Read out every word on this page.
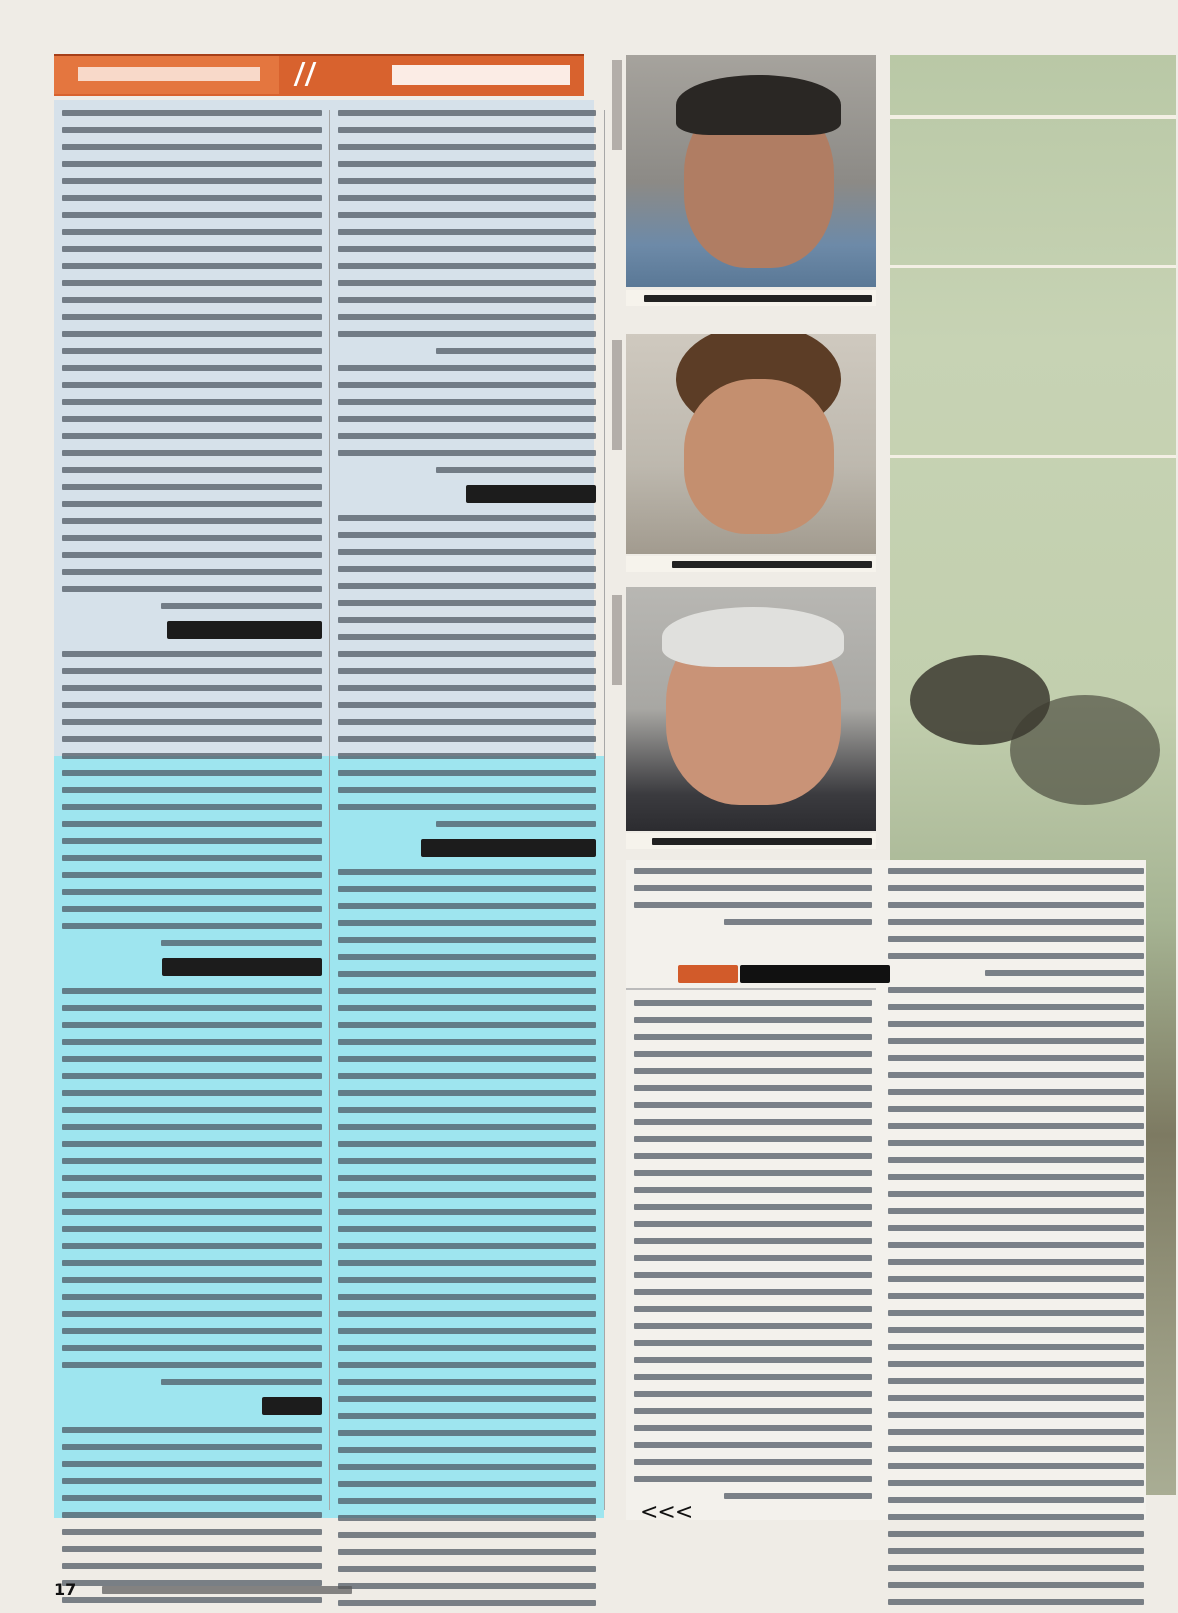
<<<
17
